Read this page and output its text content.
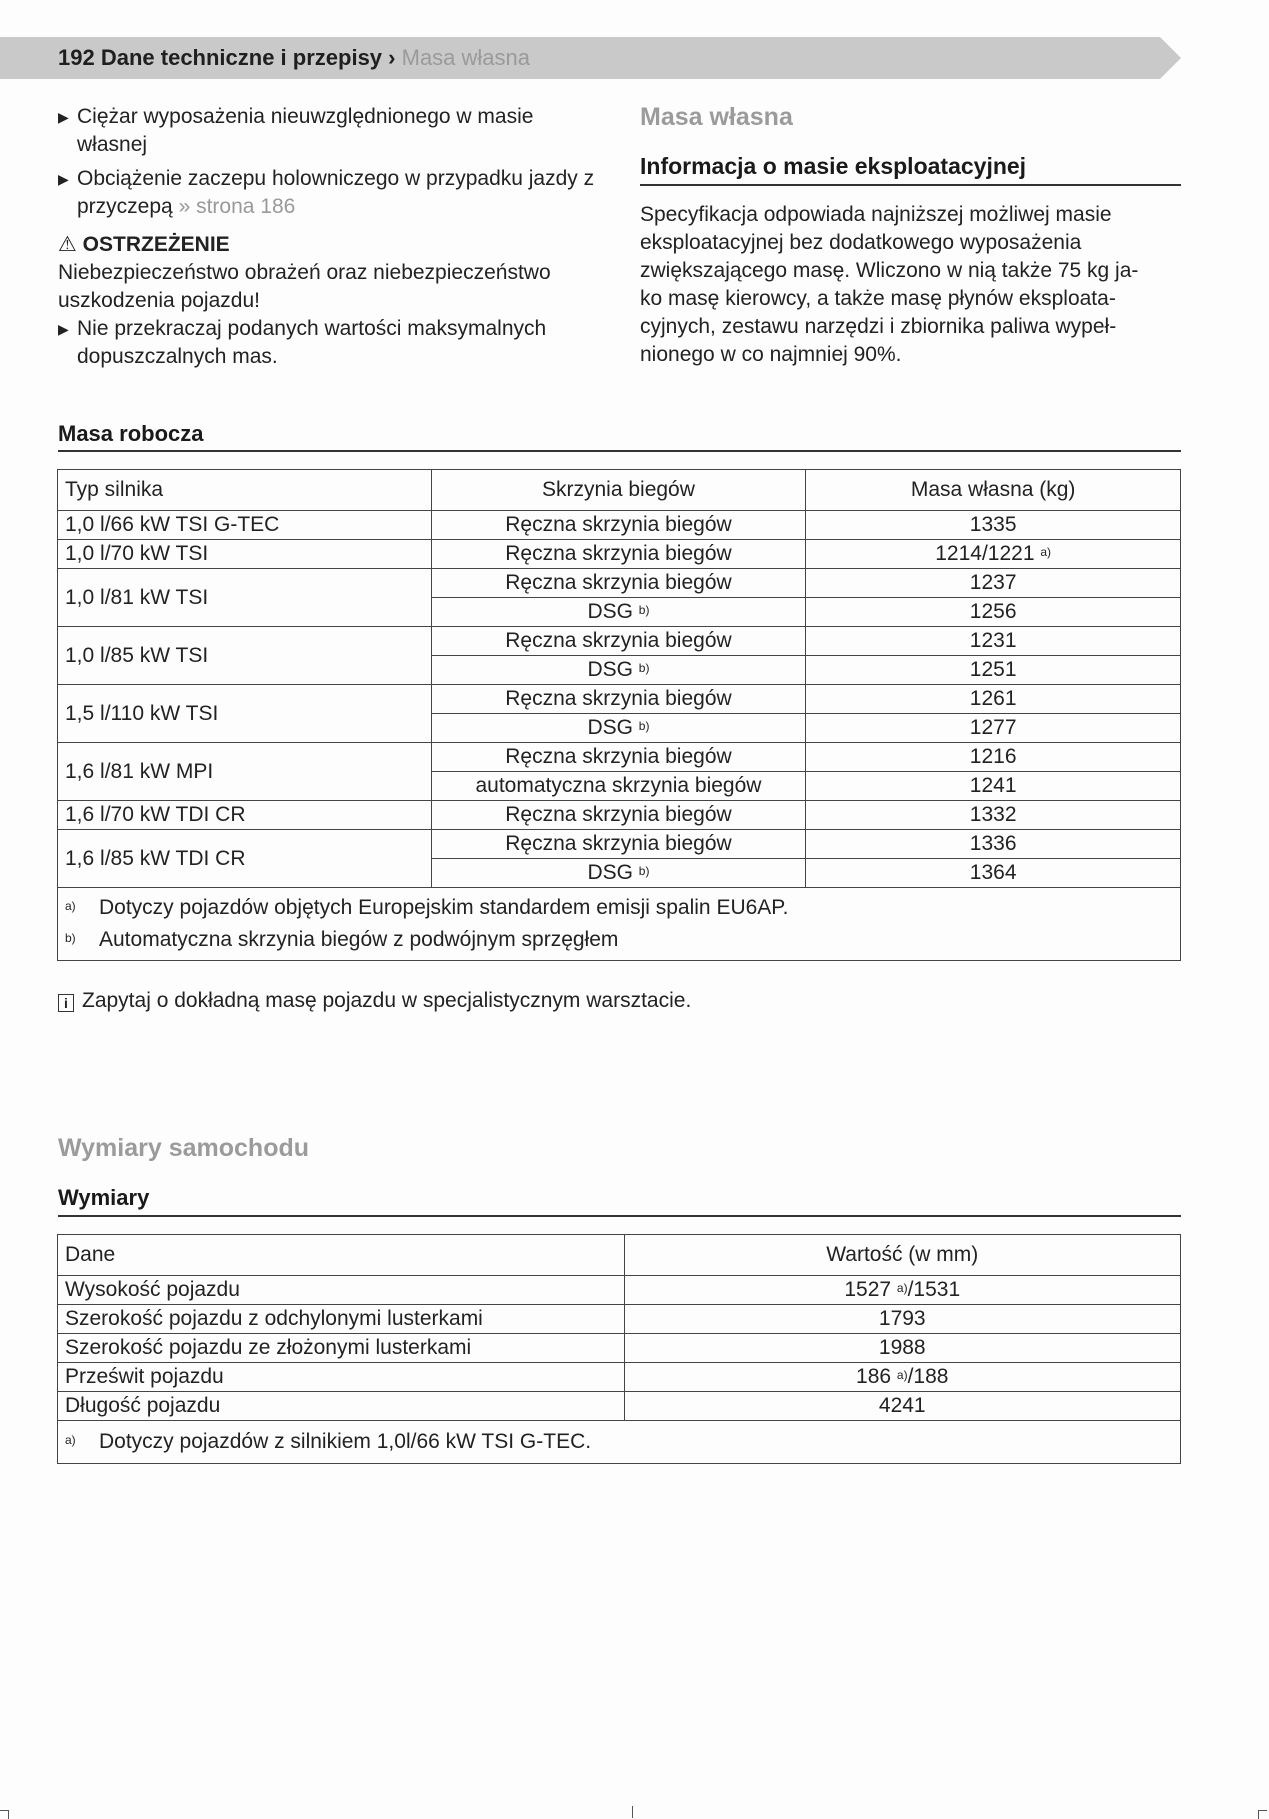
192 Dane techniczne i przepisy › Masa własna
▶ Ciężar wyposażenia nieuwzględnionego w masie własnej
▶ Obciążenie zaczepu holowniczego w przypadku jazdy z przyczepą » strona 186
⚠ OSTRZEŻENIE
Niebezpieczeństwo obrażeń oraz niebezpieczeństwo uszkodzenia pojazdu!
▶ Nie przekraczaj podanych wartości maksymalnych dopuszczalnych mas.
Masa własna
Informacja o masie eksploatacyjnej
Specyfikacja odpowiada najniższej możliwej masie
eksploatacyjnej bez dodatkowego wyposażenia
zwiększającego masę. Wliczono w nią także 75 kg ja-
ko masę kierowcy, a także masę płynów eksploata-
cyjnych, zestawu narzędzi i zbiornika paliwa wypeł-
nionego w co najmniej 90%.
Masa robocza
Typ silnika	Skrzynia biegów	Masa własna (kg)
1,0 l/66 kW TSI G-TEC	Ręczna skrzynia biegów	1335
1,0 l/70 kW TSI	Ręczna skrzynia biegów	1214/1221 $^{a)}$
1,0 l/81 kW TSI	Ręczna skrzynia biegów	1237
	DSG $^{b)}$	1256
1,0 l/85 kW TSI	Ręczna skrzynia biegów	1231
	DSG $^{b)}$	1251
1,5 l/110 kW TSI	Ręczna skrzynia biegów	1261
	DSG $^{b)}$	1277
1,6 l/81 kW MPI	Ręczna skrzynia biegów	1216
	automatyczna skrzynia biegów	1241
1,6 l/70 kW TDI CR	Ręczna skrzynia biegów	1332
1,6 l/85 kW TDI CR	Ręczna skrzynia biegów	1336
	DSG $^{b)}$	1364

$^{a)}$ Dotyczy pojazdów objętych Europejskim standardem emisji spalin EU6AP.
$^{b)}$ Automatyczna skrzynia biegów z podwójnym sprzęgłem		
i Zapytaj o dokładną masę pojazdu w specjalistycznym warsztacie.
Wymiary samochodu
Wymiary
Dane	Wartość (w mm)
Wysokość pojazdu	1527 $^{a)}$/1531
Szerokość pojazdu z odchylonymi lusterkami	1793
Szerokość pojazdu ze złożonymi lusterkami	1988
Prześwit pojazdu	186 $^{a)}$/188
Długość pojazdu	4241

$^{a)}$ Dotyczy pojazdów z silnikiem 1,0l/66 kW TSI G-TEC.	
